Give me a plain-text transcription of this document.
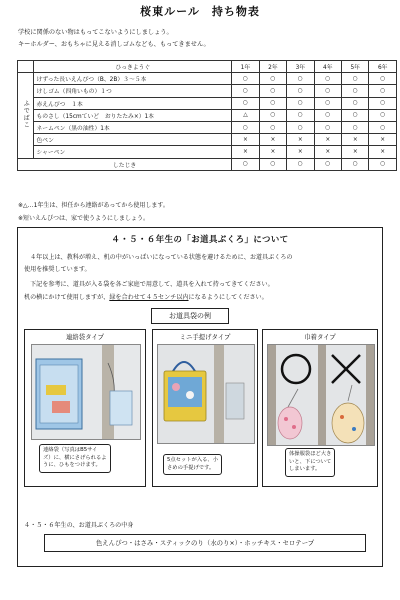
桜東ルール　持ち物表
学校に関係のない物はもってこないようにしましょう。
キーホルダー、おもちゃに見える消しゴムなども、もってきません。
	ひっきようぐ	1年	2年	3年	4年	5年	6年
ふでばこ	けずった長いえんぴつ（B、2B）３～５本	○	○	○	○	○	○
	けしゴム（四角いもの）１つ	○	○	○	○	○	○
	赤えんぴつ　１本	○	○	○	○	○	○
	ものさし（15cmていど　おりたたみ×）1本	△	○	○	○	○	○
	ネームペン（黒の油性）1本	○	○	○	○	○	○
	色ペン	×	×	×	×	×	×
	シャーペン	×	×	×	×	×	×
したじき		○	○	○	○	○	○
※△…1年生は、担任から連絡があってから使用します。
※短いえんぴつは、家で使うようにしましょう。
４・５・６年生の「お道具ぶくろ」について
　４年以上は、教科が増え、机の中がいっぱいになっている状態を避けるために、お道具ぶくろの
使用を推奨しています。
　下記を参考に、道具が入る袋を各ご家庭で用意して、道具を入れて持ってきてください。
机の横にかけて使用しますが、緑を合わせて４５センチ以内になるようにしてください。
お道具袋の例
連絡袋タイプ
連絡袋（写真はB5サイ
ズ）に、横にさげられるよ
うに、ひもをつけます。
ミニ手提げタイプ
5点セットが入る、小
さめの手提げです。
巾着タイプ
体操服袋ほど大き
いと、下について
しまいます。
４・５・６年生の、お道具ぶくろの中身
色えんぴつ・はさみ・スティックのり（水のり×）・ホッチキス・セロテープ
